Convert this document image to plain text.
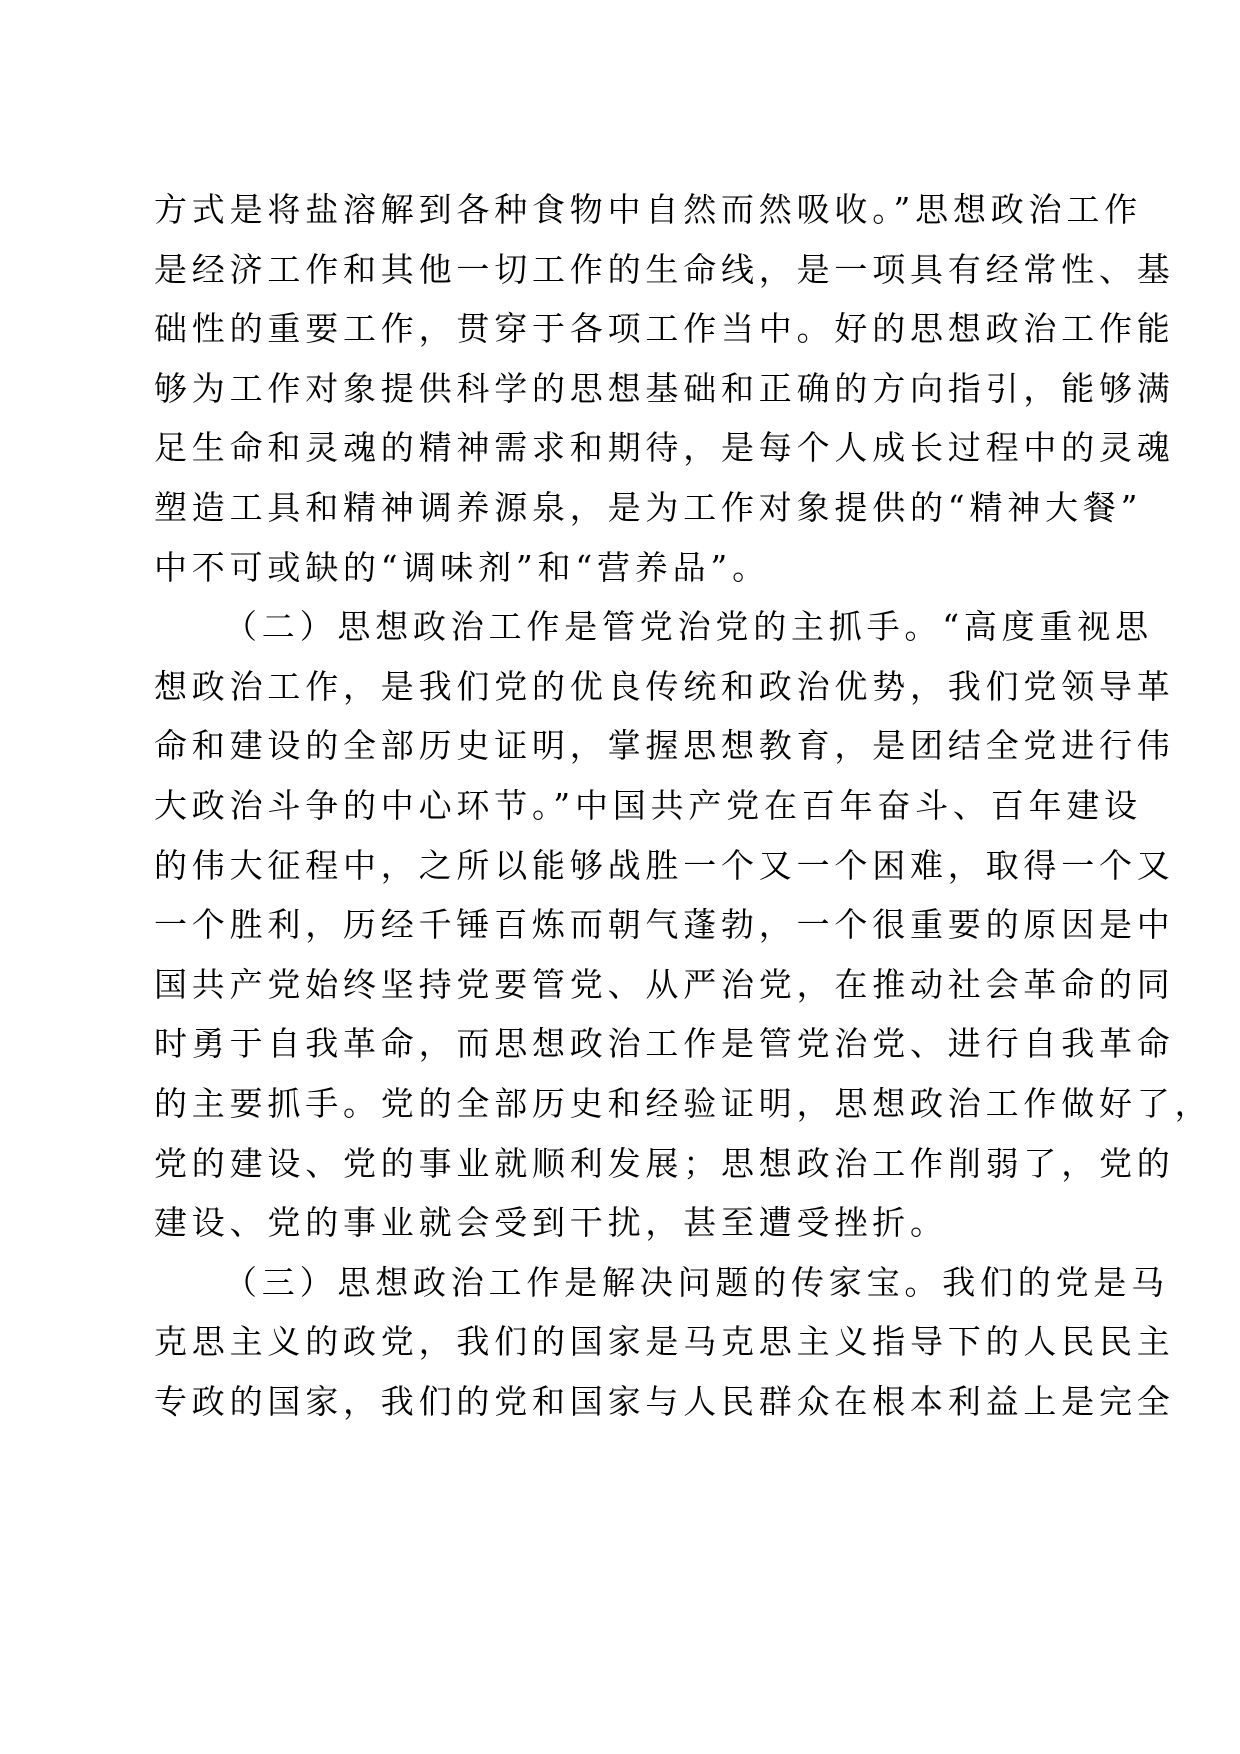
方式是将盐溶解到各种食物中自然而然吸收。”思想政治工作
是经济工作和其他一切工作的生命线，是一项具有经常性、基
础性的重要工作，贯穿于各项工作当中。好的思想政治工作能
够为工作对象提供科学的思想基础和正确的方向指引，能够满
足生命和灵魂的精神需求和期待，是每个人成长过程中的灵魂
塑造工具和精神调养源泉，是为工作对象提供的“精神大餐”
中不可或缺的“调味剂”和“营养品”。
（二）思想政治工作是管党治党的主抓手。“高度重视思
想政治工作，是我们党的优良传统和政治优势，我们党领导革
命和建设的全部历史证明，掌握思想教育，是团结全党进行伟
大政治斗争的中心环节。”中国共产党在百年奋斗、百年建设
的伟大征程中，之所以能够战胜一个又一个困难，取得一个又
一个胜利，历经千锤百炼而朝气蓬勃，一个很重要的原因是中
国共产党始终坚持党要管党、从严治党，在推动社会革命的同
时勇于自我革命，而思想政治工作是管党治党、进行自我革命
的主要抓手。党的全部历史和经验证明，思想政治工作做好了，
党的建设、党的事业就顺利发展；思想政治工作削弱了，党的
建设、党的事业就会受到干扰，甚至遭受挫折。
（三）思想政治工作是解决问题的传家宝。我们的党是马
克思主义的政党，我们的国家是马克思主义指导下的人民民主
专政的国家，我们的党和国家与人民群众在根本利益上是完全
